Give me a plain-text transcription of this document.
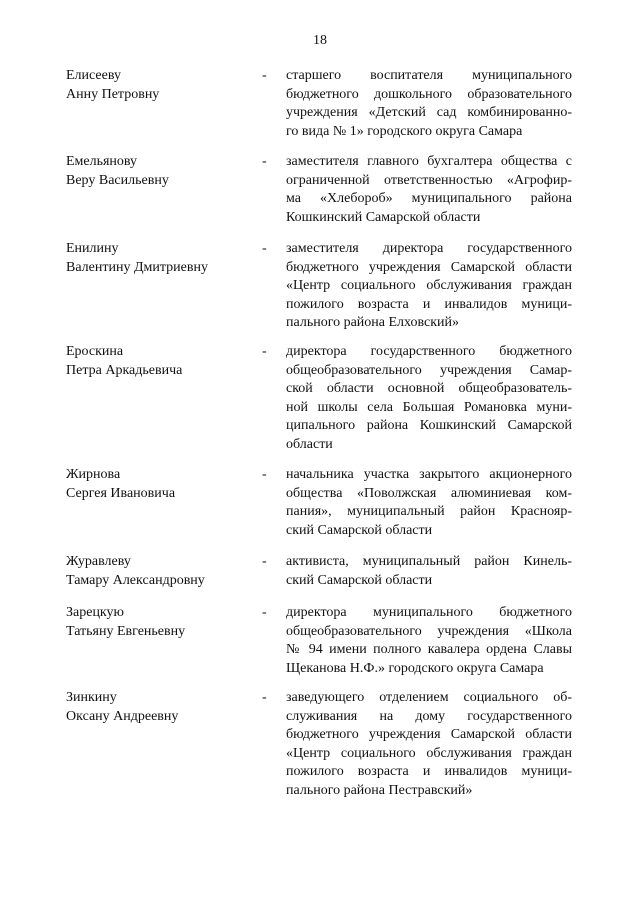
18
Елисееву
Анну Петровну
- старшего воспитателя муниципального
бюджетного дошкольного образовательного
учреждения «Детский сад комбинированно-
го вида № 1» городского округа Самара
Емельянову
Веру Васильевну
- заместителя главного бухгалтера общества с
ограниченной ответственностью «Агрофир-
ма «Хлебороб» муниципального района
Кошкинский Самарской области
Енилину
Валентину Дмитриевну
- заместителя директора государственного
бюджетного учреждения Самарской области
«Центр социального обслуживания граждан
пожилого возраста и инвалидов муници-
пального района Елховский»
Ероскина
Петра Аркадьевича
- директора государственного бюджетного
общеобразовательного учреждения Самар-
ской области основной общеобразователь-
ной школы села Большая Романовка муни-
ципального района Кошкинский Самарской
области
Жирнова
Сергея Ивановича
- начальника участка закрытого акционерного
общества «Поволжская алюминиевая ком-
пания», муниципальный район Краснояр-
ский Самарской области
Журавлеву
Тамару Александровну
- активиста, муниципальный район Кинель-
ский Самарской области
Зарецкую
Татьяну Евгеньевну
- директора муниципального бюджетного
общеобразовательного учреждения «Школа
№ 94 имени полного кавалера ордена Славы
Щеканова Н.Ф.» городского округа Самара
Зинкину
Оксану Андреевну
- заведующего отделением социального об-
служивания на дому государственного
бюджетного учреждения Самарской области
«Центр социального обслуживания граждан
пожилого возраста и инвалидов муници-
пального района Пестравский»
